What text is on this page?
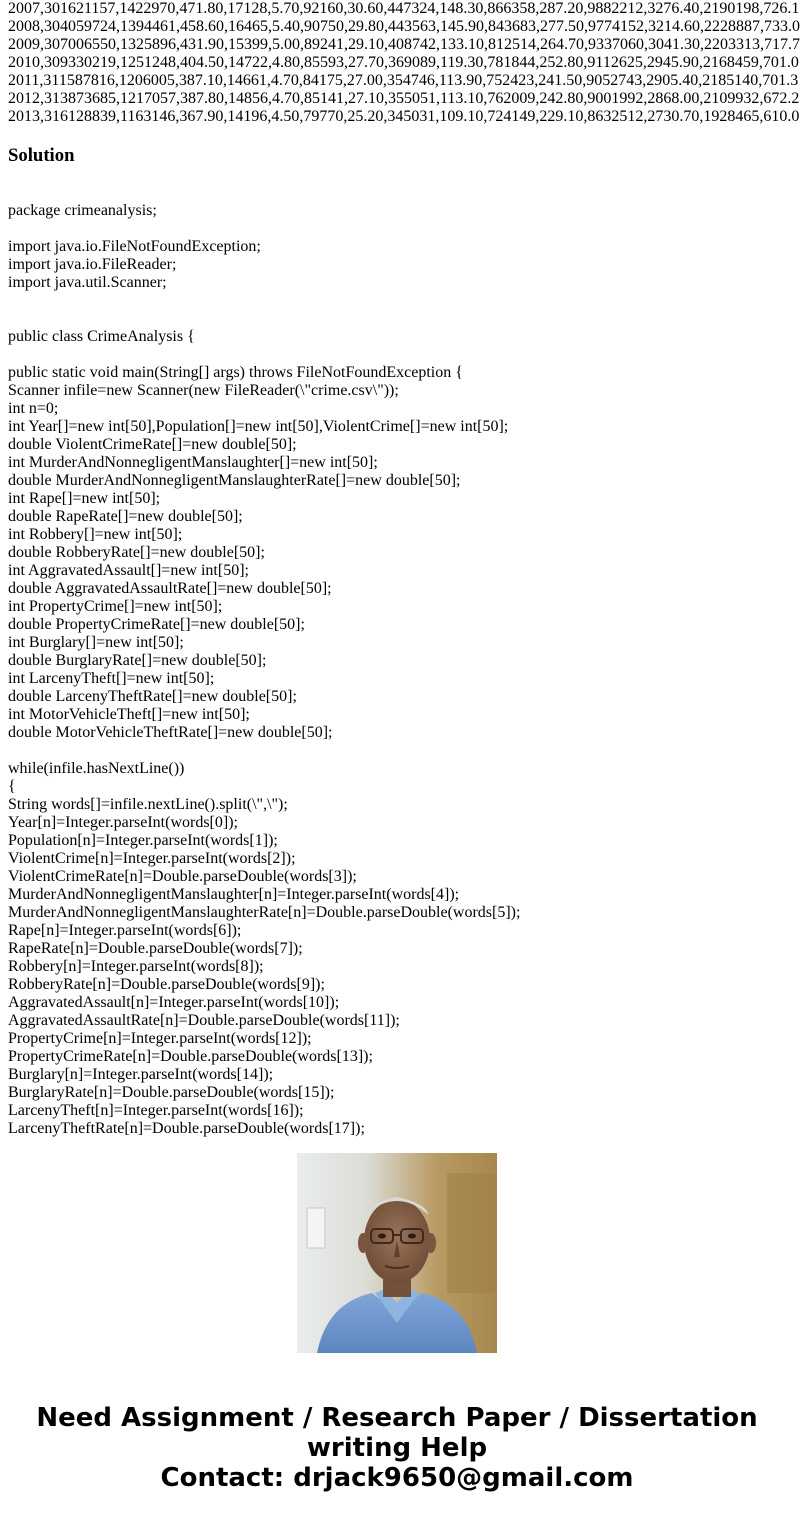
2007,301621157,1422970,471.80,17128,5.70,92160,30.60,447324,148.30,866358,287.20,9882212,3276.40,2190198,726.1
2008,304059724,1394461,458.60,16465,5.40,90750,29.80,443563,145.90,843683,277.50,9774152,3214.60,2228887,733.0
2009,307006550,1325896,431.90,15399,5.00,89241,29.10,408742,133.10,812514,264.70,9337060,3041.30,2203313,717.7
2010,309330219,1251248,404.50,14722,4.80,85593,27.70,369089,119.30,781844,252.80,9112625,2945.90,2168459,701.0
2011,311587816,1206005,387.10,14661,4.70,84175,27.00,354746,113.90,752423,241.50,9052743,2905.40,2185140,701.3
2012,313873685,1217057,387.80,14856,4.70,85141,27.10,355051,113.10,762009,242.80,9001992,2868.00,2109932,672.2
2013,316128839,1163146,367.90,14196,4.50,79770,25.20,345031,109.10,724149,229.10,8632512,2730.70,1928465,610.0
Solution
package crimeanalysis;
import java.io.FileNotFoundException;
import java.io.FileReader;
import java.util.Scanner;
public class CrimeAnalysis {
public static void main(String[] args) throws FileNotFoundException {
Scanner infile=new Scanner(new FileReader(\"crime.csv\"));
int n=0;
int Year[]=new int[50],Population[]=new int[50],ViolentCrime[]=new int[50];
double ViolentCrimeRate[]=new double[50];
int MurderAndNonnegligentManslaughter[]=new int[50];
double MurderAndNonnegligentManslaughterRate[]=new double[50];
int Rape[]=new int[50];
double RapeRate[]=new double[50];
int Robbery[]=new int[50];
double RobberyRate[]=new double[50];
int AggravatedAssault[]=new int[50];
double AggravatedAssaultRate[]=new double[50];
int PropertyCrime[]=new int[50];
double PropertyCrimeRate[]=new double[50];
int Burglary[]=new int[50];
double BurglaryRate[]=new double[50];
int LarcenyTheft[]=new int[50];
double LarcenyTheftRate[]=new double[50];
int MotorVehicleTheft[]=new int[50];
double MotorVehicleTheftRate[]=new double[50];
while(infile.hasNextLine())
{
String words[]=infile.nextLine().split(\",\");
Year[n]=Integer.parseInt(words[0]);
Population[n]=Integer.parseInt(words[1]);
ViolentCrime[n]=Integer.parseInt(words[2]);
ViolentCrimeRate[n]=Double.parseDouble(words[3]);
MurderAndNonnegligentManslaughter[n]=Integer.parseInt(words[4]);
MurderAndNonnegligentManslaughterRate[n]=Double.parseDouble(words[5]);
Rape[n]=Integer.parseInt(words[6]);
RapeRate[n]=Double.parseDouble(words[7]);
Robbery[n]=Integer.parseInt(words[8]);
RobberyRate[n]=Double.parseDouble(words[9]);
AggravatedAssault[n]=Integer.parseInt(words[10]);
AggravatedAssaultRate[n]=Double.parseDouble(words[11]);
PropertyCrime[n]=Integer.parseInt(words[12]);
PropertyCrimeRate[n]=Double.parseDouble(words[13]);
Burglary[n]=Integer.parseInt(words[14]);
BurglaryRate[n]=Double.parseDouble(words[15]);
LarcenyTheft[n]=Integer.parseInt(words[16]);
LarcenyTheftRate[n]=Double.parseDouble(words[17]);
Need Assignment / Research Paper / Dissertation
writing Help
Contact: drjack9650@gmail.com
